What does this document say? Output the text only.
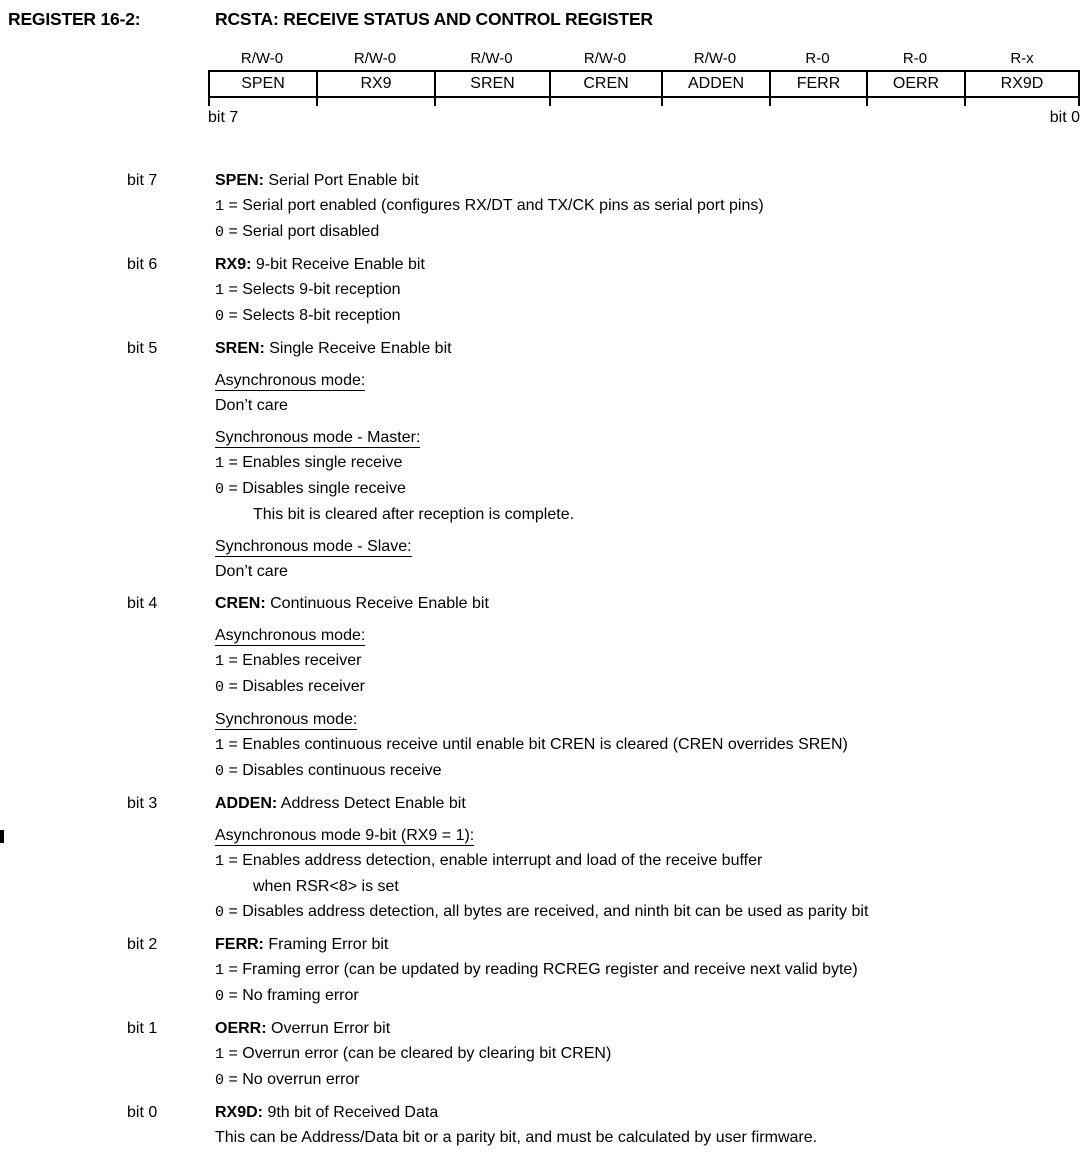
REGISTER 16-2:	RCSTA: RECEIVE STATUS AND CONTROL REGISTER
R/W-0	R/W-0	R/W-0	R/W-0	R/W-0	R-0	R-0	R-x
SPEN	RX9	SREN	CREN	ADDEN	FERR	OERR	RX9D
bit 7	bit 0
bit 7	SPEN: Serial Port Enable bit
1 = Serial port enabled (configures RX/DT and TX/CK pins as serial port pins)
0 = Serial port disabled
bit 6	RX9: 9-bit Receive Enable bit
1 = Selects 9-bit reception
0 = Selects 8-bit reception
bit 5	SREN: Single Receive Enable bit
Asynchronous mode:
Don’t care
Synchronous mode - Master:
1 = Enables single receive
0 = Disables single receive
This bit is cleared after reception is complete.
Synchronous mode - Slave:
Don’t care
bit 4	CREN: Continuous Receive Enable bit
Asynchronous mode:
1 = Enables receiver
0 = Disables receiver
Synchronous mode:
1 = Enables continuous receive until enable bit CREN is cleared (CREN overrides SREN)
0 = Disables continuous receive
bit 3	ADDEN: Address Detect Enable bit
Asynchronous mode 9-bit (RX9 = 1):
1 = Enables address detection, enable interrupt and load of the receive buffer
when RSR<8> is set
0 = Disables address detection, all bytes are received, and ninth bit can be used as parity bit
bit 2	FERR: Framing Error bit
1 = Framing error (can be updated by reading RCREG register and receive next valid byte)
0 = No framing error
bit 1	OERR: Overrun Error bit
1 = Overrun error (can be cleared by clearing bit CREN)
0 = No overrun error
bit 0	RX9D: 9th bit of Received Data
This can be Address/Data bit or a parity bit, and must be calculated by user firmware.
